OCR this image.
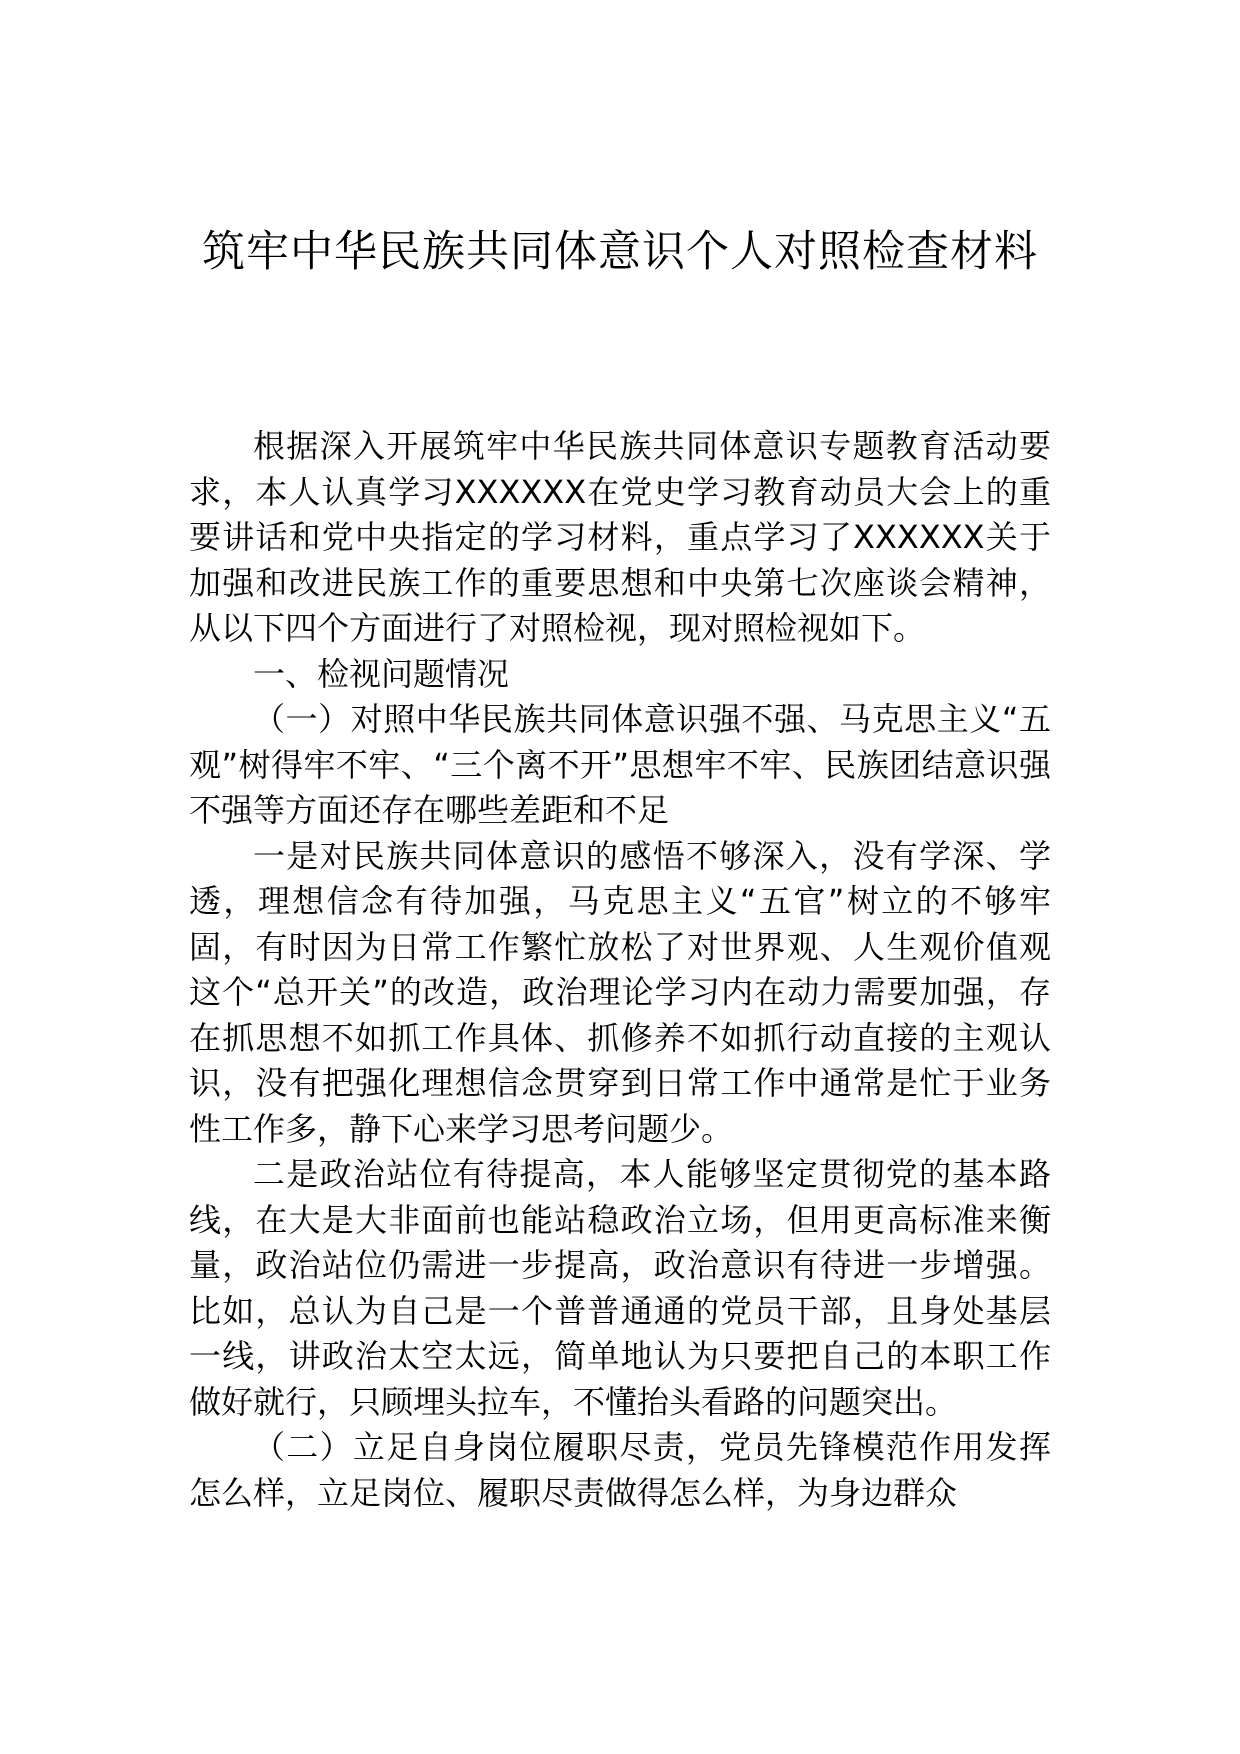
筑牢中华民族共同体意识个人对照检查材料

根据深入开展筑牢中华民族共同体意识专题教育活动要求，本人认真学习XXXXXX在党史学习教育动员大会上的重要讲话和党中央指定的学习材料，重点学习了XXXXXX关于加强和改进民族工作的重要思想和中央第七次座谈会精神，从以下四个方面进行了对照检视，现对照检视如下。

一、检视问题情况

（一）对照中华民族共同体意识强不强、马克思主义“五观”树得牢不牢、“三个离不开”思想牢不牢、民族团结意识强不强等方面还存在哪些差距和不足

一是对民族共同体意识的感悟不够深入，没有学深、学透，理想信念有待加强，马克思主义“五官”树立的不够牢固，有时因为日常工作繁忙放松了对世界观、人生观价值观这个“总开关”的改造，政治理论学习内在动力需要加强，存在抓思想不如抓工作具体、抓修养不如抓行动直接的主观认识，没有把强化理想信念贯穿到日常工作中通常是忙于业务性工作多，静下心来学习思考问题少。

二是政治站位有待提高，本人能够坚定贯彻党的基本路线，在大是大非面前也能站稳政治立场，但用更高标准来衡量，政治站位仍需进一步提高，政治意识有待进一步增强。比如，总认为自己是一个普普通通的党员干部，且身处基层一线，讲政治太空太远，简单地认为只要把自己的本职工作做好就行，只顾埋头拉车，不懂抬头看路的问题突出。

（二）立足自身岗位履职尽责，党员先锋模范作用发挥怎么样，立足岗位、履职尽责做得怎么样，为身边群众
